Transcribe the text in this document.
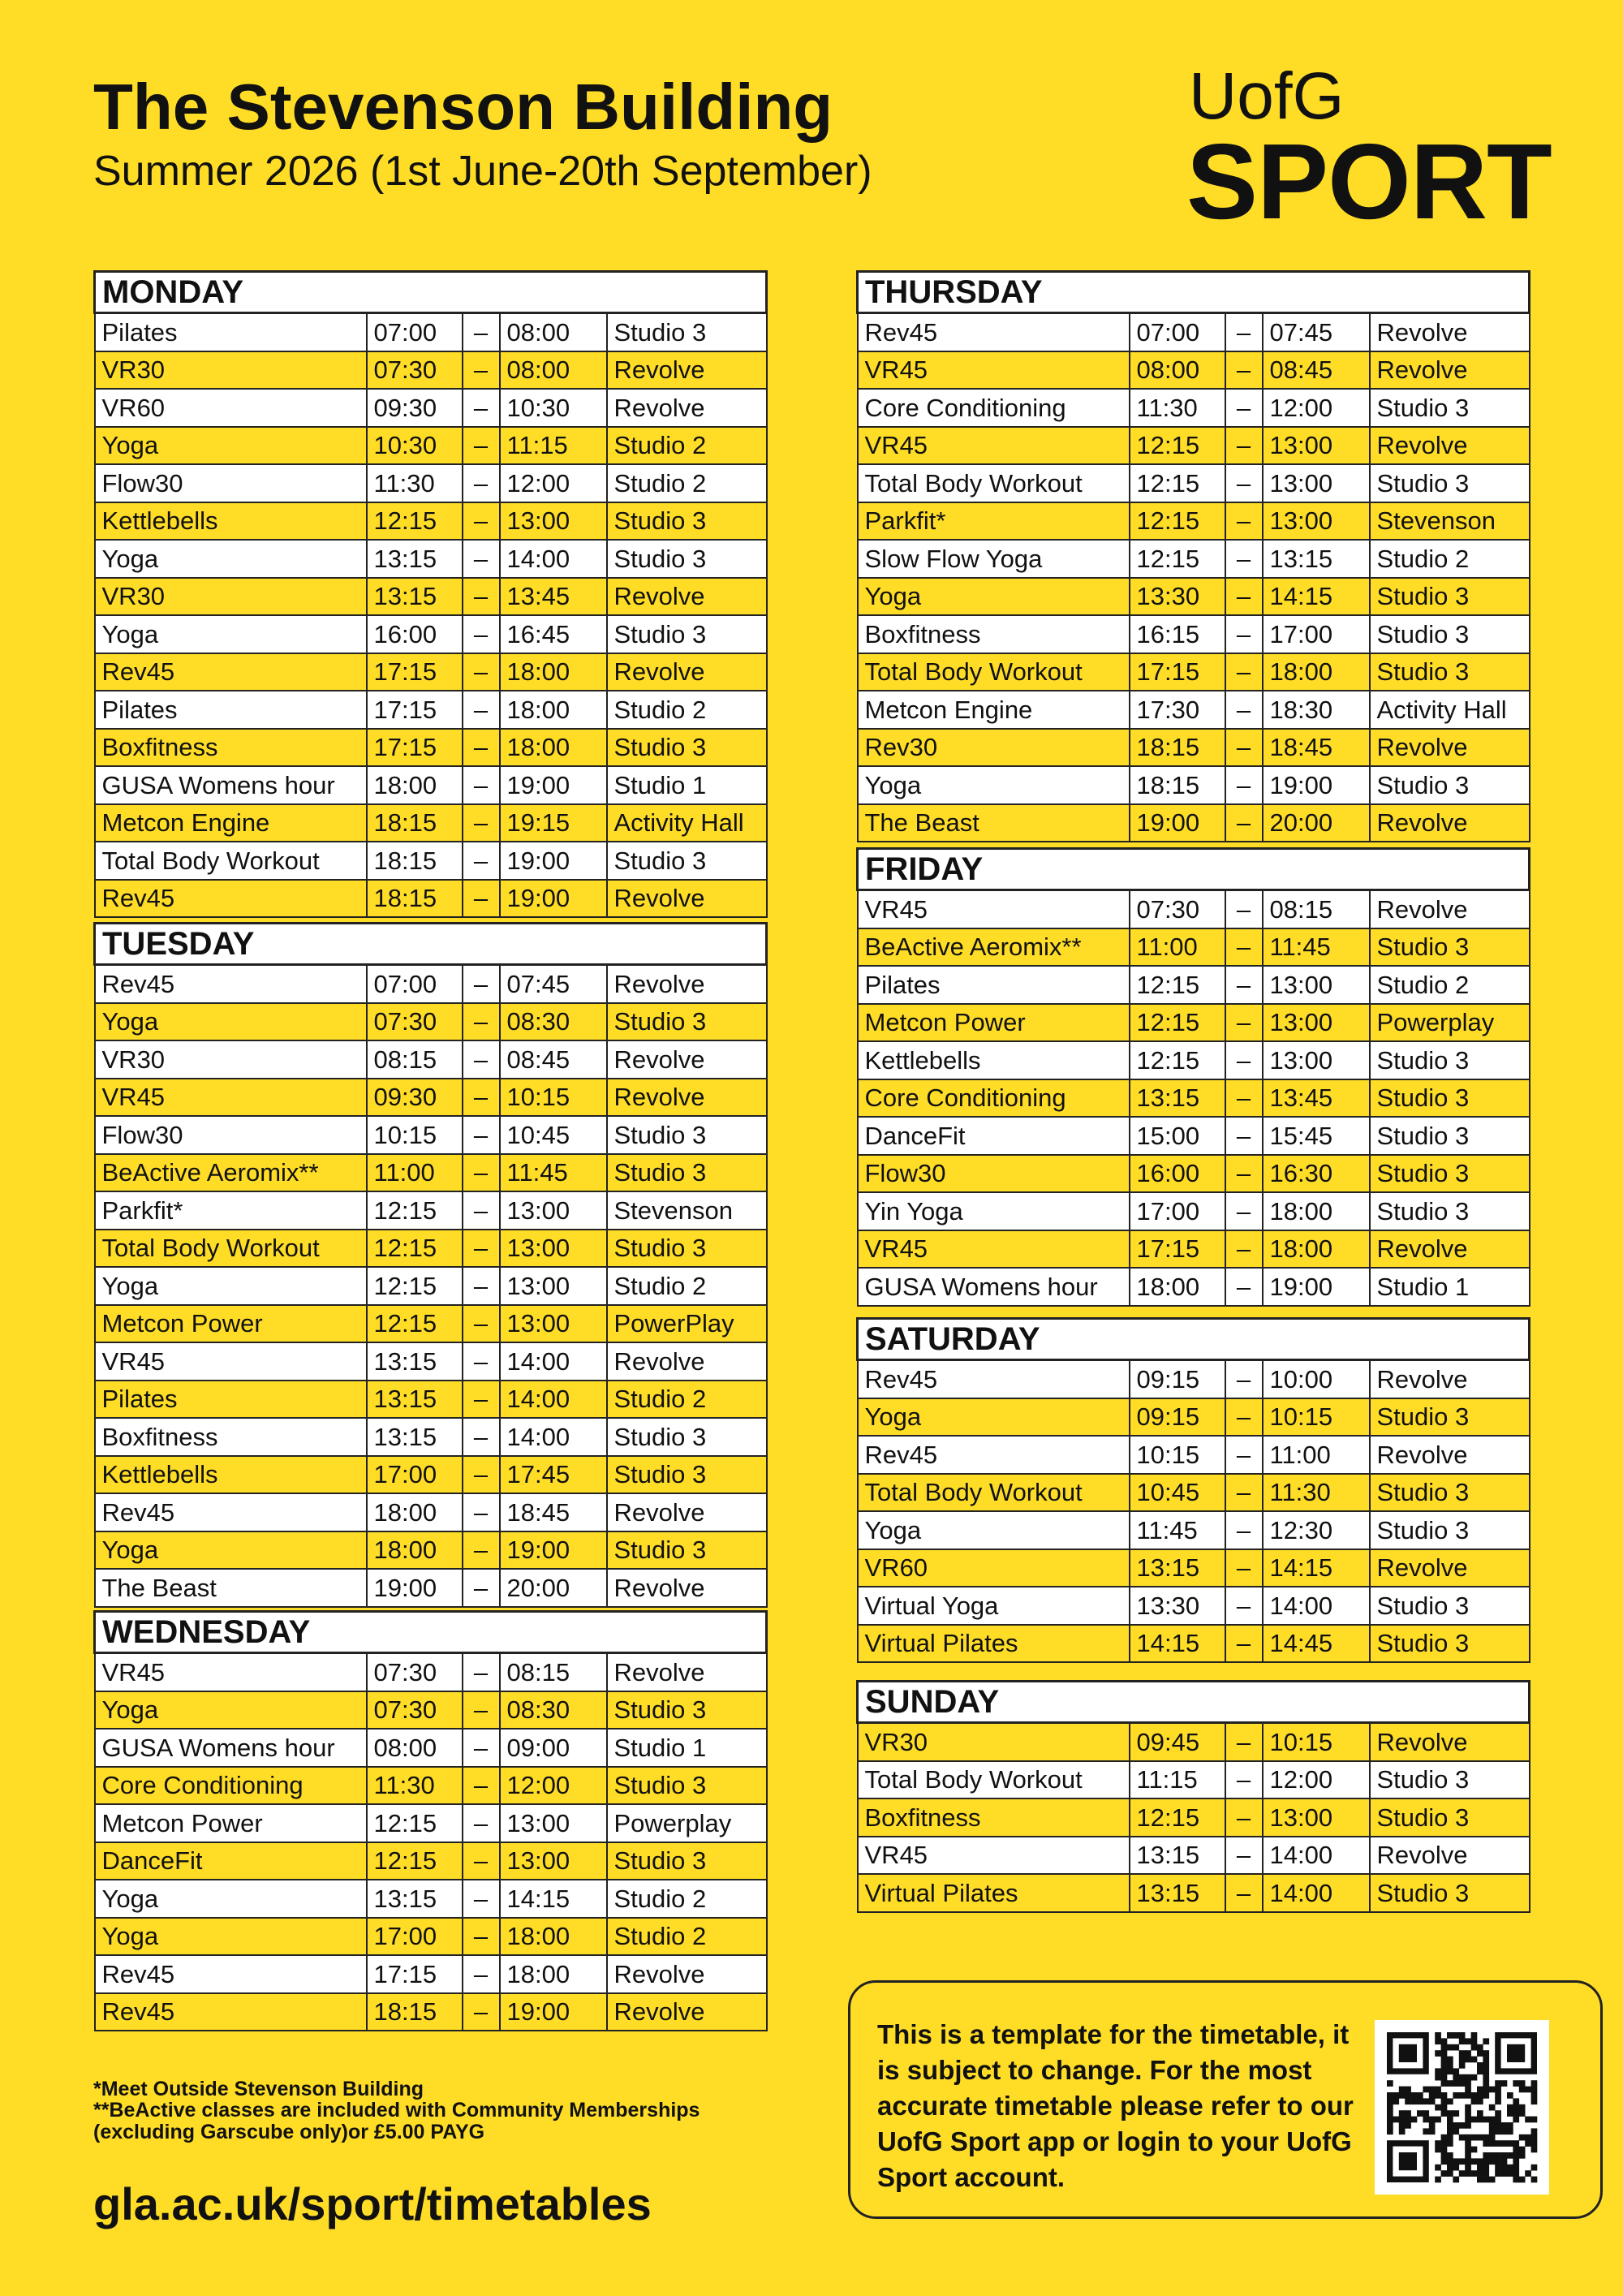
The Stevenson Building
Summer 2026 (1st June-20th September)
UofG
SPORT
MONDAY				
Pilates	07:00	–	08:00	Studio 3
VR30	07:30	–	08:00	Revolve
VR60	09:30	–	10:30	Revolve
Yoga	10:30	–	11:15	Studio 2
Flow30	11:30	–	12:00	Studio 2
Kettlebells	12:15	–	13:00	Studio 3
Yoga	13:15	–	14:00	Studio 3
VR30	13:15	–	13:45	Revolve
Yoga	16:00	–	16:45	Studio 3
Rev45	17:15	–	18:00	Revolve
Pilates	17:15	–	18:00	Studio 2
Boxfitness	17:15	–	18:00	Studio 3
GUSA Womens hour	18:00	–	19:00	Studio 1
Metcon Engine	18:15	–	19:15	Activity Hall
Total Body Workout	18:15	–	19:00	Studio 3
Rev45	18:15	–	19:00	Revolve
TUESDAY				
Rev45	07:00	–	07:45	Revolve
Yoga	07:30	–	08:30	Studio 3
VR30	08:15	–	08:45	Revolve
VR45	09:30	–	10:15	Revolve
Flow30	10:15	–	10:45	Studio 3
BeActive Aeromix**	11:00	–	11:45	Studio 3
Parkfit*	12:15	–	13:00	Stevenson
Total Body Workout	12:15	–	13:00	Studio 3
Yoga	12:15	–	13:00	Studio 2
Metcon Power	12:15	–	13:00	PowerPlay
VR45	13:15	–	14:00	Revolve
Pilates	13:15	–	14:00	Studio 2
Boxfitness	13:15	–	14:00	Studio 3
Kettlebells	17:00	–	17:45	Studio 3
Rev45	18:00	–	18:45	Revolve
Yoga	18:00	–	19:00	Studio 3
The Beast	19:00	–	20:00	Revolve
WEDNESDAY				
VR45	07:30	–	08:15	Revolve
Yoga	07:30	–	08:30	Studio 3
GUSA Womens hour	08:00	–	09:00	Studio 1
Core Conditioning	11:30	–	12:00	Studio 3
Metcon Power	12:15	–	13:00	Powerplay
DanceFit	12:15	–	13:00	Studio 3
Yoga	13:15	–	14:15	Studio 2
Yoga	17:00	–	18:00	Studio 2
Rev45	17:15	–	18:00	Revolve
Rev45	18:15	–	19:00	Revolve
THURSDAY				
Rev45	07:00	–	07:45	Revolve
VR45	08:00	–	08:45	Revolve
Core Conditioning	11:30	–	12:00	Studio 3
VR45	12:15	–	13:00	Revolve
Total Body Workout	12:15	–	13:00	Studio 3
Parkfit*	12:15	–	13:00	Stevenson
Slow Flow Yoga	12:15	–	13:15	Studio 2
Yoga	13:30	–	14:15	Studio 3
Boxfitness	16:15	–	17:00	Studio 3
Total Body Workout	17:15	–	18:00	Studio 3
Metcon Engine	17:30	–	18:30	Activity Hall
Rev30	18:15	–	18:45	Revolve
Yoga	18:15	–	19:00	Studio 3
The Beast	19:00	–	20:00	Revolve
FRIDAY				
VR45	07:30	–	08:15	Revolve
BeActive Aeromix**	11:00	–	11:45	Studio 3
Pilates	12:15	–	13:00	Studio 2
Metcon Power	12:15	–	13:00	Powerplay
Kettlebells	12:15	–	13:00	Studio 3
Core Conditioning	13:15	–	13:45	Studio 3
DanceFit	15:00	–	15:45	Studio 3
Flow30	16:00	–	16:30	Studio 3
Yin Yoga	17:00	–	18:00	Studio 3
VR45	17:15	–	18:00	Revolve
GUSA Womens hour	18:00	–	19:00	Studio 1
SATURDAY				
Rev45	09:15	–	10:00	Revolve
Yoga	09:15	–	10:15	Studio 3
Rev45	10:15	–	11:00	Revolve
Total Body Workout	10:45	–	11:30	Studio 3
Yoga	11:45	–	12:30	Studio 3
VR60	13:15	–	14:15	Revolve
Virtual Yoga	13:30	–	14:00	Studio 3
Virtual Pilates	14:15	–	14:45	Studio 3
SUNDAY				
VR30	09:45	–	10:15	Revolve
Total Body Workout	11:15	–	12:00	Studio 3
Boxfitness	12:15	–	13:00	Studio 3
VR45	13:15	–	14:00	Revolve
Virtual Pilates	13:15	–	14:00	Studio 3

*Meet Outside Stevenson Building

**BeActive classes are included with Community Memberships

(excluding Garscube only)or £5.00 PAYG

gla.ac.uk/sport/timetables
This is a template for the timetable, it is subject to change. For the most accurate timetable please refer to our UofG Sport app or login to your UofG Sport account.
